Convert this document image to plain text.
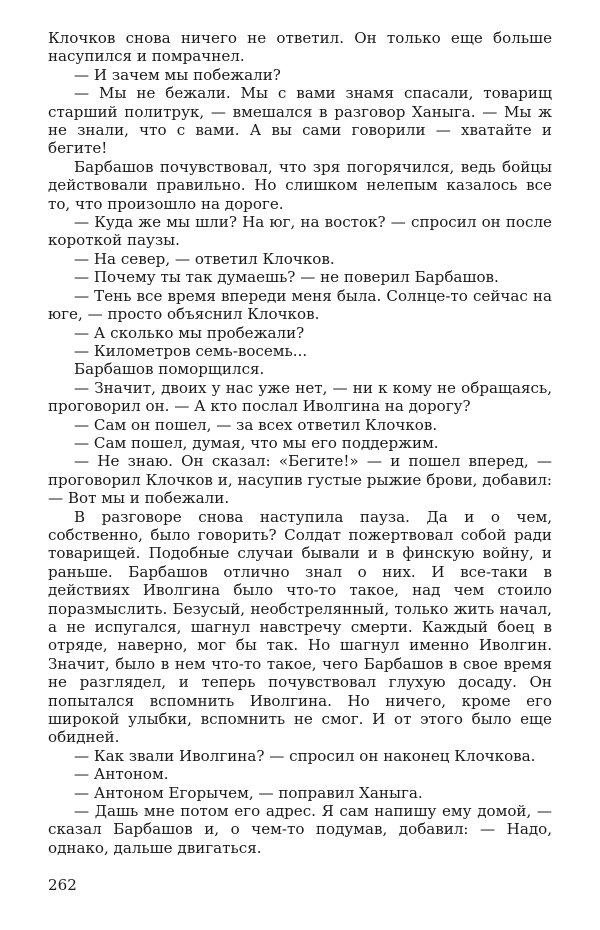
Клочков снова ничего не ответил. Он только еще больше насупился и помрачнел.

— И зачем мы побежали?

— Мы не бежали. Мы с вами знамя спасали, товарищ старший политрук, — вмешался в разговор Ханыга. — Мы ж не знали, что с вами. А вы сами говорили — хватайте и бегите!

Барбашов почувствовал, что зря погорячился, ведь бойцы действовали правильно. Но слишком нелепым казалось все то, что произошло на дороге.

— Куда же мы шли? На юг, на восток? — спросил он после короткой паузы.

— На север, — ответил Клочков.

— Почему ты так думаешь? — не поверил Барбашов.

— Тень все время впереди меня была. Солнце-то сейчас на юге, — просто объяснил Клочков.

— А сколько мы пробежали?

— Километров семь-восемь...

Барбашов поморщился.

— Значит, двоих у нас уже нет, — ни к кому не обращаясь, проговорил он. — А кто послал Иволгина на дорогу?

— Сам он пошел, — за всех ответил Клочков.

— Сам пошел, думая, что мы его поддержим.

— Не знаю. Он сказал: «Бегите!» — и пошел вперед, — проговорил Клочков и, насупив густые рыжие брови, добавил: — Вот мы и побежали.

В разговоре снова наступила пауза. Да и о чем, собственно, было говорить? Солдат пожертвовал собой ради товарищей. Подобные случаи бывали и в финскую войну, и раньше. Барбашов отлично знал о них. И все-таки в действиях Иволгина было что-то такое, над чем стоило поразмыслить. Безусый, необстрелянный, только жить начал, а не испугался, шагнул навстречу смерти. Каждый боец в отряде, наверно, мог бы так. Но шагнул именно Иволгин. Значит, было в нем что-то такое, чего Барбашов в свое время не разглядел, и теперь почувствовал глухую досаду. Он попытался вспомнить Иволгина. Но ничего, кроме его широкой улыбки, вспомнить не смог. И от этого было еще обидней.

— Как звали Иволгина? — спросил он наконец Клочкова.

— Антоном.

— Антоном Егорычем, — поправил Ханыга.

— Дашь мне потом его адрес. Я сам напишу ему домой, — сказал Барбашов и, о чем-то подумав, добавил: — Надо, однако, дальше двигаться.

262
